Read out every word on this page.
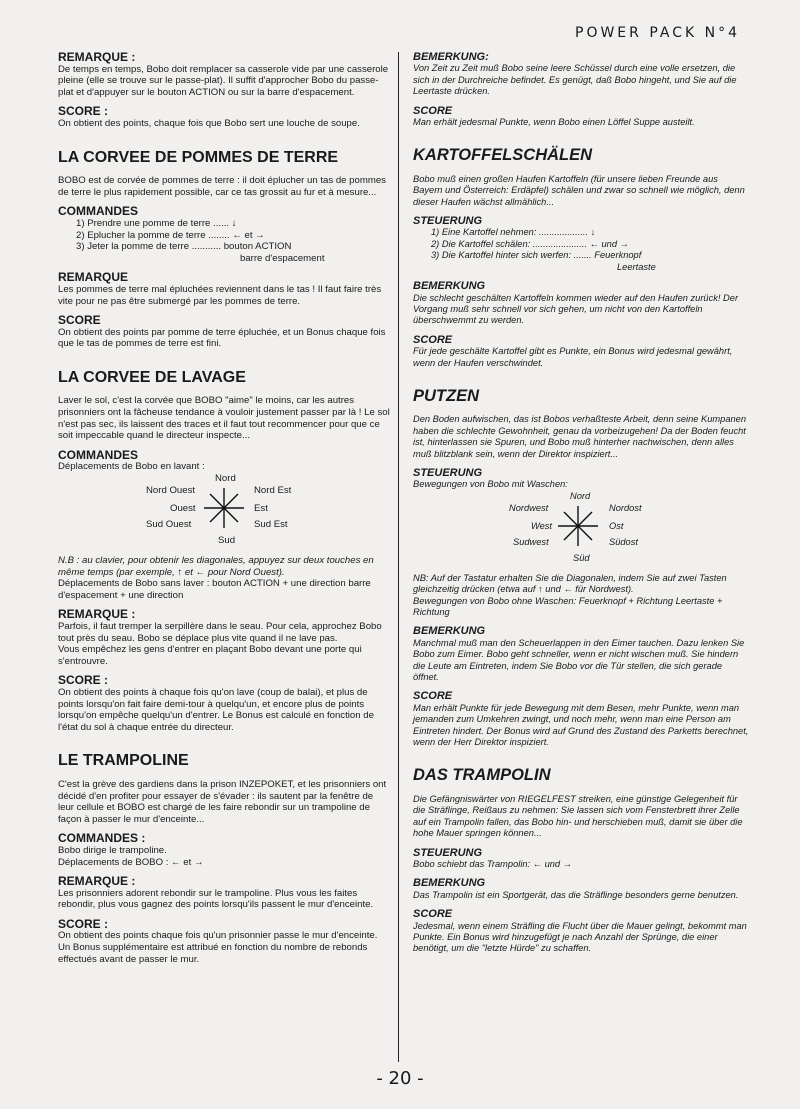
POWER PACK N°4

REMARQUE :

De temps en temps, Bobo doit remplacer sa casserole vide par une casserole pleine (elle se trouve sur le passe-plat). Il suffit d'approcher Bobo du passe-plat et d'appuyer sur le bouton ACTION ou sur la barre d'espacement.

SCORE :

On obtient des points, chaque fois que Bobo sert une louche de soupe.

LA CORVEE DE POMMES DE TERRE

BOBO est de corvée de pommes de terre : il doit éplucher un tas de pommes de terre le plus rapidement possible, car ce tas grossit au fur et à mesure...

COMMANDES

1) Prendre une pomme de terre ...... ↓
2) Eplucher la pomme de terre ........ ← et →
3) Jeter la pomme de terre ........... bouton ACTION
barre d'espacement

REMARQUE

Les pommes de terre mal épluchées reviennent dans le tas ! Il faut faire très vite pour ne pas être submergé par les pommes de terre.

SCORE

On obtient des points par pomme de terre épluchée, et un Bonus chaque fois que le tas de pommes de terre est fini.

LA CORVEE DE LAVAGE

Laver le sol, c'est la corvée que BOBO "aime" le moins, car les autres prisonniers ont la fâcheuse tendance à vouloir justement passer par là ! Le sol n'est pas sec, ils laissent des traces et il faut tout recommencer pour que ce soit impeccable quand le directeur inspecte...

COMMANDES

Déplacements de Bobo en lavant :

Nord
Nord Ouest	Nord Est
Ouest	Est
Sud Ouest	Sud Est
Sud

N.B : au clavier, pour obtenir les diagonales, appuyez sur deux touches en même temps (par exemple, ↑ et ← pour Nord Ouest).

Déplacements de Bobo sans laver : bouton ACTION + une direction barre d'espacement + une direction

REMARQUE :

Parfois, il faut tremper la serpillère dans le seau. Pour cela, approchez Bobo tout près du seau. Bobo se déplace plus vite quand il ne lave pas.

Vous empêchez les gens d'entrer en plaçant Bobo devant une porte qui s'entrouvre.

SCORE :

On obtient des points à chaque fois qu'on lave (coup de balai), et plus de points lorsqu'on fait faire demi-tour à quelqu'un, et encore plus de points lorsqu'on empêche quelqu'un d'entrer. Le Bonus est calculé en fonction de l'état du sol à chaque entrée du directeur.

LE TRAMPOLINE

C'est la grève des gardiens dans la prison INZEPOKET, et les prisonniers ont décidé d'en profiter pour essayer de s'évader : ils sautent par la fenêtre de leur cellule et BOBO est chargé de les faire rebondir sur un trampoline de façon à passer le mur d'enceinte...

COMMANDES :

Bobo dirige le trampoline.

Déplacements de BOBO : ← et →

REMARQUE :

Les prisonniers adorent rebondir sur le trampoline. Plus vous les faites rebondir, plus vous gagnez des points lorsqu'ils passent le mur d'enceinte.

SCORE :

On obtient des points chaque fois qu'un prisonnier passe le mur d'enceinte. Un Bonus supplémentaire est attribué en fonction du nombre de rebonds effectués avant de passer le mur.

BEMERKUNG:

Von Zeit zu Zeit muß Bobo seine leere Schüssel durch eine volle ersetzen, die sich in der Durchreiche befindet. Es genügt, daß Bobo hingeht, und Sie auf die Leertaste drücken.

SCORE

Man erhält jedesmal Punkte, wenn Bobo einen Löffel Suppe austeilt.

KARTOFFELSCHÄLEN

Bobo muß einen großen Haufen Kartoffeln (für unsere lieben Freunde aus Bayern und Österreich: Erdäpfel) schälen und zwar so schnell wie möglich, denn dieser Haufen wächst allmählich...

STEUERUNG

1) Eine Kartoffel nehmen: ................... ↓
2) Die Kartoffel schälen: ..................... ← und →
3) Die Kartoffel hinter sich werfen: ....... Feuerknopf
Leertaste

BEMERKUNG

Die schlecht geschälten Kartoffeln kommen wieder auf den Haufen zurück! Der Vorgang muß sehr schnell vor sich gehen, um nicht von den Kartoffeln überschwemmt zu werden.

SCORE

Für jede geschälte Kartoffel gibt es Punkte, ein Bonus wird jedesmal gewährt, wenn der Haufen verschwindet.

PUTZEN

Den Boden aufwischen, das ist Bobos verhaßteste Arbeit, denn seine Kumpanen haben die schlechte Gewohnheit, genau da vorbeizugehen! Da der Boden feucht ist, hinterlassen sie Spuren, und Bobo muß hinterher nachwischen, denn alles muß blitzblank sein, wenn der Direktor inspiziert...

STEUERUNG

Bewegungen von Bobo mit Waschen:

Nord
Nordwest	Nordost
West	Ost
Sudwest	Südost
Süd

NB: Auf der Tastatur erhalten Sie die Diagonalen, indem Sie auf zwei Tasten gleichzeitig drücken (etwa auf ↑ und ← für Nordwest).

Bewegungen von Bobo ohne Waschen: Feuerknopf + Richtung Leertaste + Richtung

BEMERKUNG

Manchmal muß man den Scheuerlappen in den Eimer tauchen. Dazu lenken Sie Bobo zum Eimer. Bobo geht schneller, wenn er nicht wischen muß. Sie hindern die Leute am Eintreten, indem Sie Bobo vor die Tür stellen, die sich gerade öffnet.

SCORE

Man erhält Punkte für jede Bewegung mit dem Besen, mehr Punkte, wenn man jemanden zum Umkehren zwingt, und noch mehr, wenn man eine Person am Eintreten hindert. Der Bonus wird auf Grund des Zustand des Parketts berechnet, wenn der Herr Direktor inspiziert.

DAS TRAMPOLIN

Die Gefängniswärter von RIEGELFEST streiken, eine günstige Gelegenheit für die Sträflinge, Reißaus zu nehmen: Sie lassen sich vom Fensterbrett ihrer Zelle auf ein Trampolin fallen, das Bobo hin- und herschieben muß, damit sie über die hohe Mauer springen können...

STEUERUNG

Bobo schiebt das Trampolin: ← und →

BEMERKUNG

Das Trampolin ist ein Sportgerät, das die Sträflinge besonders gerne benutzen.

SCORE

Jedesmal, wenn einem Sträfling die Flucht über die Mauer gelingt, bekommt man Punkte. Ein Bonus wird hinzugefügt je nach Anzahl der Sprünge, die einer benötigt, um die "letzte Hürde" zu schaffen.

- 20 -
